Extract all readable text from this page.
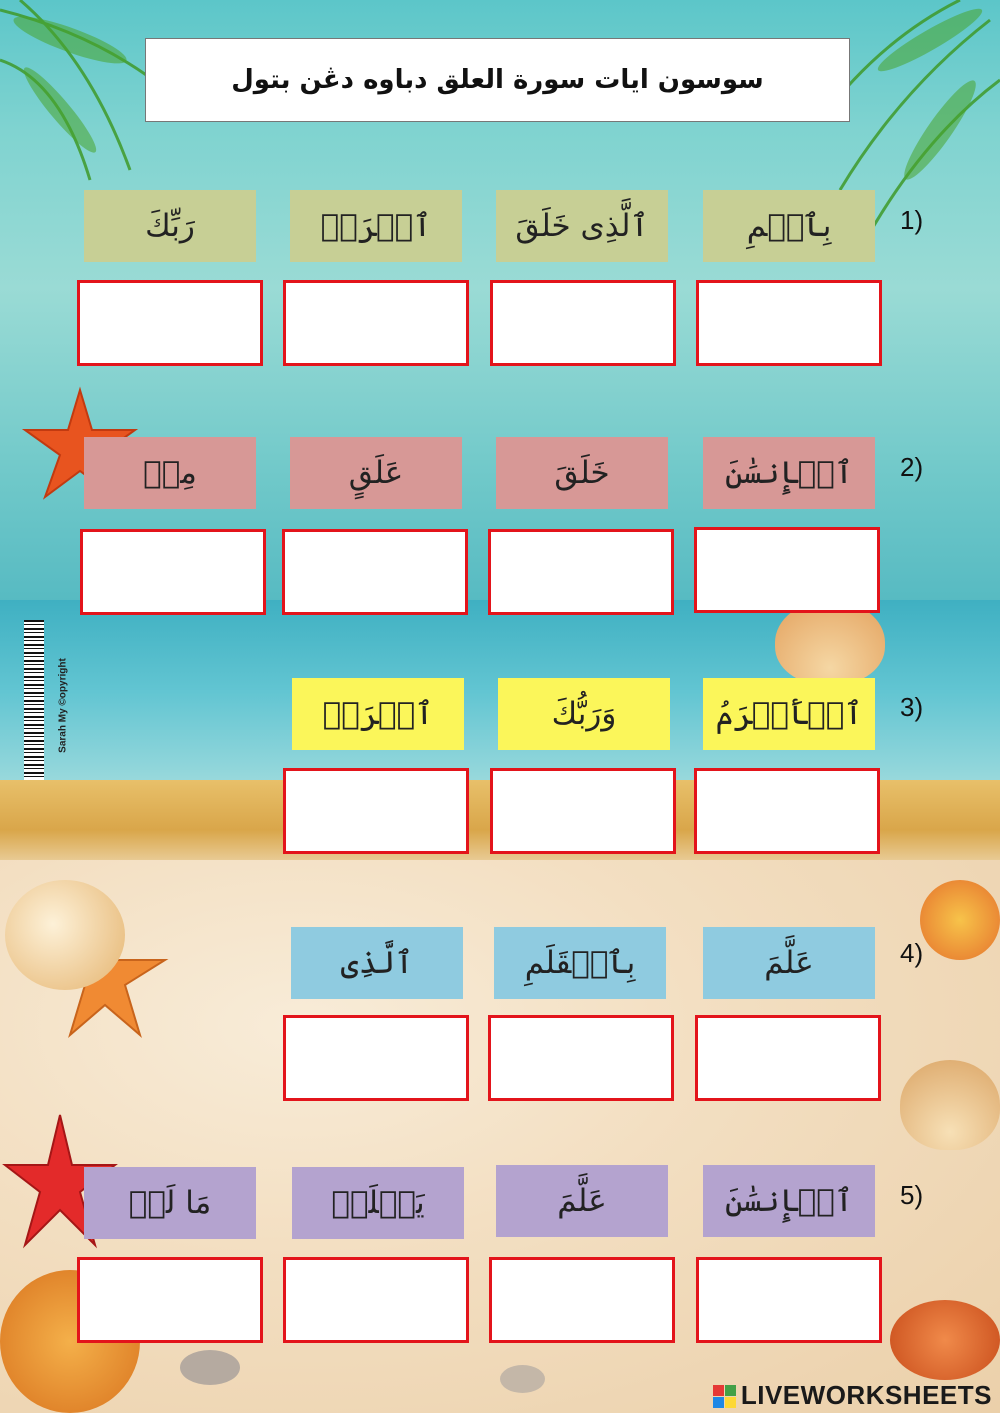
Sarah My ©opyright
سوسون ايات سورة العلق دباوه دڠن بتول
1)
بِٱسۡمِ
ٱلَّذِى خَلَقَ
ٱقۡرَأۡ
رَبِّكَ
2)
ٱلۡإِنسَٰنَ
خَلَقَ
عَلَقٍ
مِنۡ
3)
ٱلۡأَكۡرَمُ
وَرَبُّكَ
ٱقۡرَأۡ
4)
عَلَّمَ
بِٱلۡقَلَمِ
ٱلَّذِى
5)
ٱلۡإِنسَٰنَ
عَلَّمَ
يَعۡلَمۡ
مَا لَمۡ
LIVEWORKSHEETS
